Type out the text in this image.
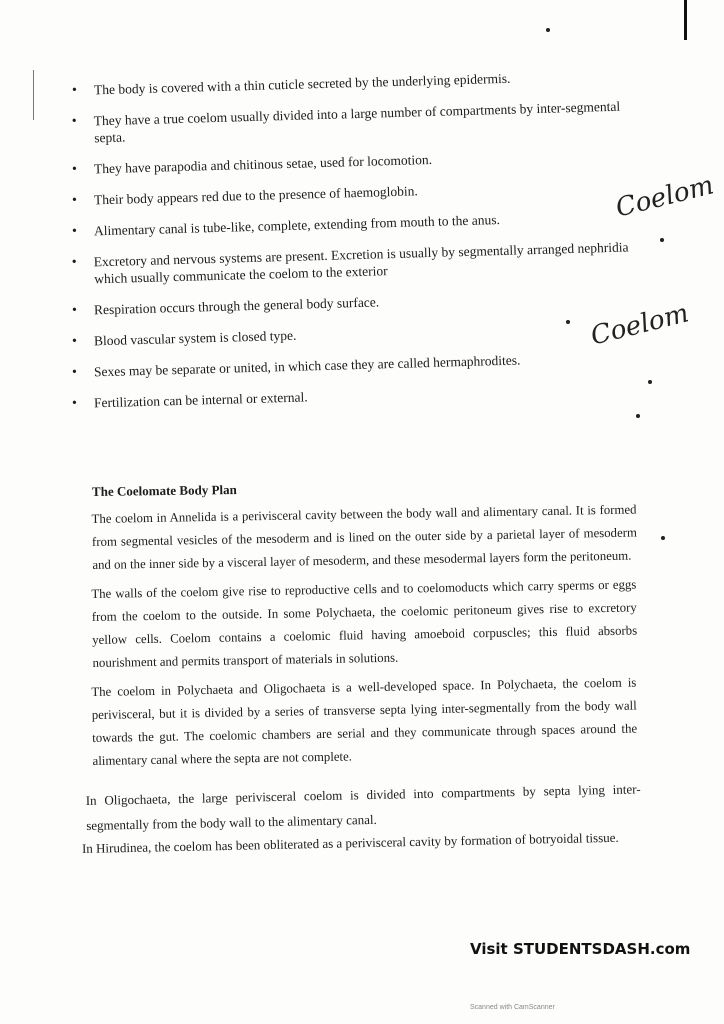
• The body is covered with a thin cuticle secreted by the underlying epidermis.
• They have a true coelom usually divided into a large number of compartments by inter-segmental septa.
• They have parapodia and chitinous setae, used for locomotion.
• Their body appears red due to the presence of haemoglobin.
• Alimentary canal is tube-like, complete, extending from mouth to the anus.
• Excretory and nervous systems are present. Excretion is usually by segmentally arranged nephridia which usually communicate the coelom to the exterior
• Respiration occurs through the general body surface.
• Blood vascular system is closed type.
• Sexes may be separate or united, in which case they are called hermaphrodites.
• Fertilization can be internal or external.
Coelom
Coelom
The Coelomate Body Plan

The coelom in Annelida is a perivisceral cavity between the body wall and alimentary canal. It is formed from segmental vesicles of the mesoderm and is lined on the outer side by a parietal layer of mesoderm and on the inner side by a visceral layer of mesoderm, and these mesodermal layers form the peritoneum.

The walls of the coelom give rise to reproductive cells and to coelomoducts which carry sperms or eggs from the coelom to the outside. In some Polychaeta, the coelomic peritoneum gives rise to excretory yellow cells. Coelom contains a coelomic fluid having amoeboid corpuscles; this fluid absorbs nourishment and permits transport of materials in solutions.

The coelom in Polychaeta and Oligochaeta is a well-developed space. In Polychaeta, the coelom is perivisceral, but it is divided by a series of transverse septa lying inter-segmentally from the body wall towards the gut. The coelomic chambers are serial and they communicate through spaces around the alimentary canal where the septa are not complete.

In Oligochaeta, the large perivisceral coelom is divided into compartments by septa lying inter-segmentally from the body wall to the alimentary canal.

In Hirudinea, the coelom has been obliterated as a perivisceral cavity by formation of botryoidal tissue.

Visit STUDENTSDASH.com
Scanned with CamScanner
